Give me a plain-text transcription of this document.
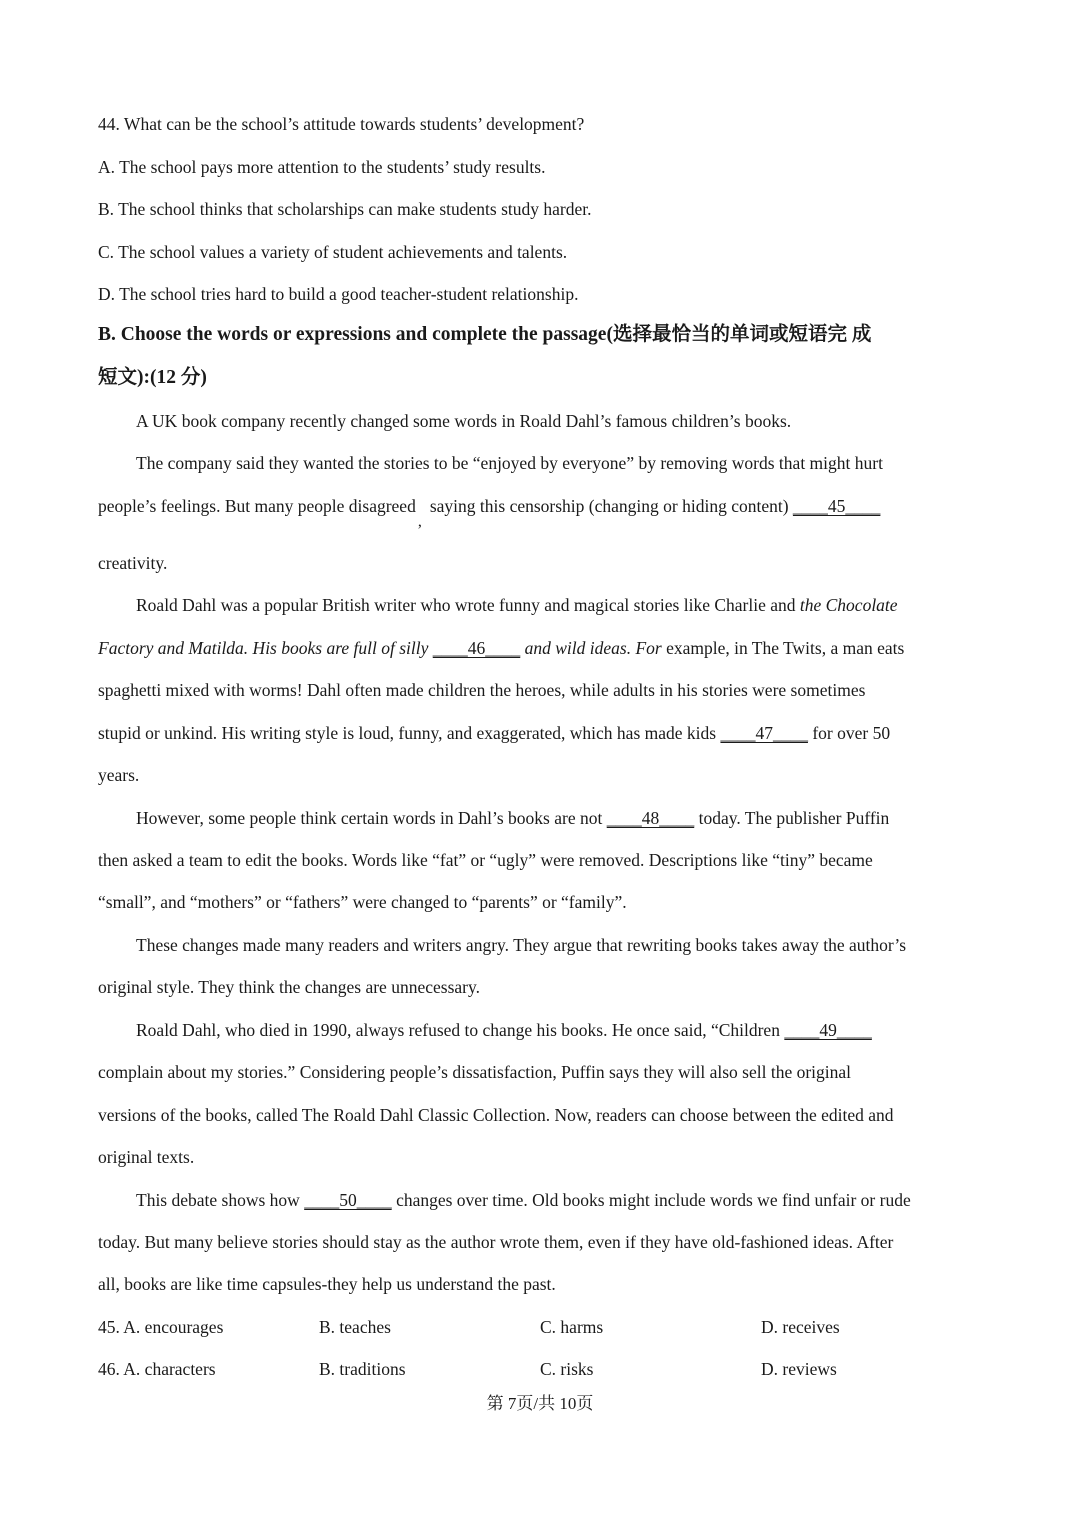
44. What can be the school’s attitude towards students’ development?
A. The school pays more attention to the students’ study results.
B. The school thinks that scholarships can make students study harder.
C. The school values a variety of student achievements and talents.
D. The school tries hard to build a good teacher-student relationship.
B. Choose the words or expressions and complete the passage(选择最恰当的单词或短语完 成
短文):(12 分)
A UK book company recently changed some words in Roald Dahl’s famous children’s books.
The company said they wanted the stories to be “enjoyed by everyone” by removing words that might hurt
people’s feelings. But many people disagreed,saying this censorship (changing or hiding content) ____45____
creativity.
Roald Dahl was a popular British writer who wrote funny and magical stories like Charlie and the Chocolate
Factory and Matilda. His books are full of silly ____46____ and wild ideas. For example, in The Twits, a man eats
spaghetti mixed with worms! Dahl often made children the heroes, while adults in his stories were sometimes
stupid or unkind. His writing style is loud, funny, and exaggerated, which has made kids ____47____ for over 50
years.
However, some people think certain words in Dahl’s books are not ____48____ today. The publisher Puffin
then asked a team to edit the books. Words like “fat” or “ugly” were removed. Descriptions like “tiny” became
“small”, and “mothers” or “fathers” were changed to “parents” or “family”.
These changes made many readers and writers angry. They argue that rewriting books takes away the author’s
original style. They think the changes are unnecessary.
Roald Dahl, who died in 1990, always refused to change his books. He once said, “Children ____49____
complain about my stories.” Considering people’s dissatisfaction, Puffin says they will also sell the original
versions of the books, called The Roald Dahl Classic Collection. Now, readers can choose between the edited and
original texts.
This debate shows how ____50____ changes over time. Old books might include words we find unfair or rude
today. But many believe stories should stay as the author wrote them, even if they have old-fashioned ideas. After
all, books are like time capsules-they help us understand the past.
45. A. encourages	B. teaches	C. harms	D. receives
46. A. characters	B. traditions	C. risks	D. reviews
第 7页/共 10页
